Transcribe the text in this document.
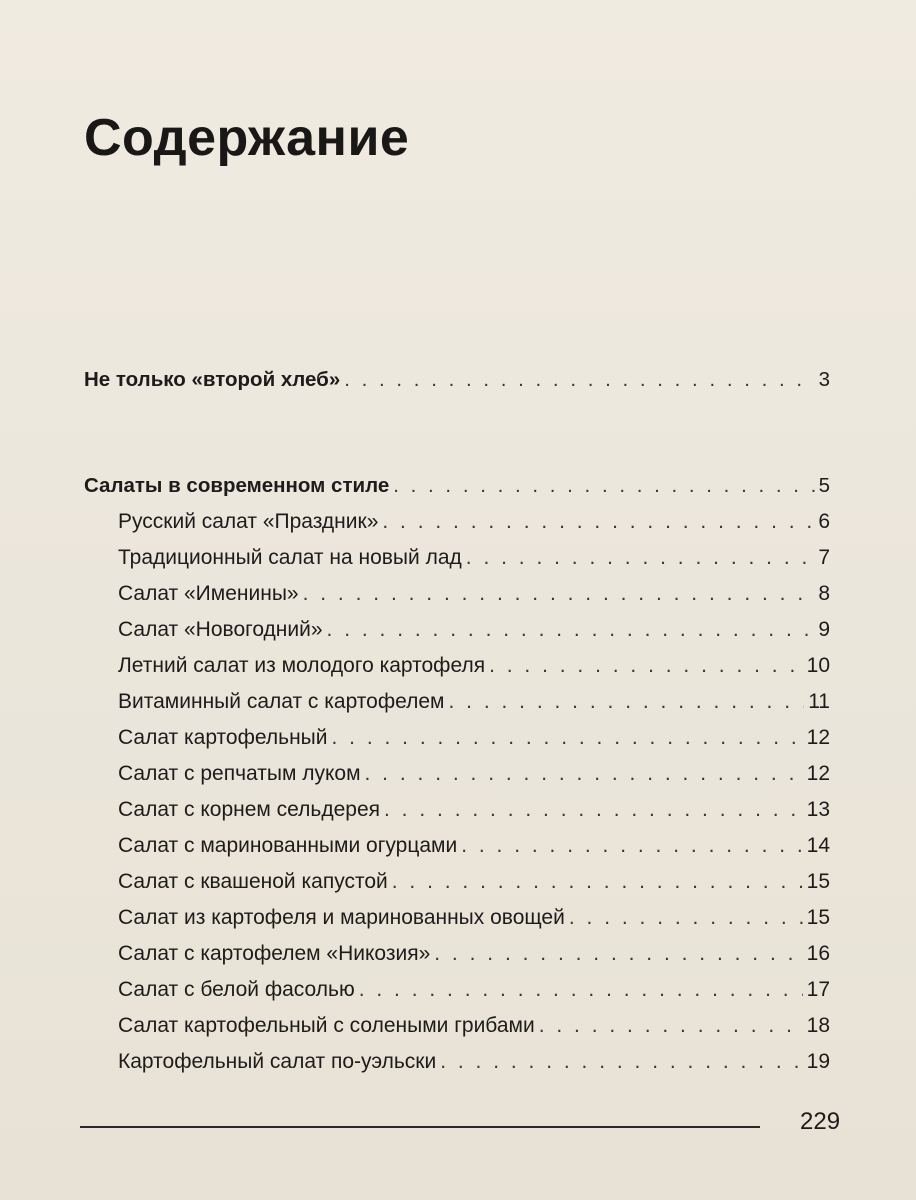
Содержание
Не только «второй хлеб» . . .	3
Салаты в современном стиле . . .	5
Русский салат «Праздник» . . .	6
Традиционный салат на новый лад . . .	7
Салат «Именины» . . .	8
Салат «Новогодний» . . .	9
Летний салат из молодого картофеля . . .	10
Витаминный салат с картофелем . . .	11
Салат картофельный . . .	12
Салат с репчатым луком . . .	12
Салат с корнем сельдерея . . .	13
Салат с маринованными огурцами . . .	14
Салат с квашеной капустой . . .	15
Салат из картофеля и маринованных овощей . . .	15
Салат с картофелем «Никозия» . . .	16
Салат с белой фасолью . . .	17
Салат картофельный с солеными грибами . . .	18
Картофельный салат по-уэльски . . .	19
229
